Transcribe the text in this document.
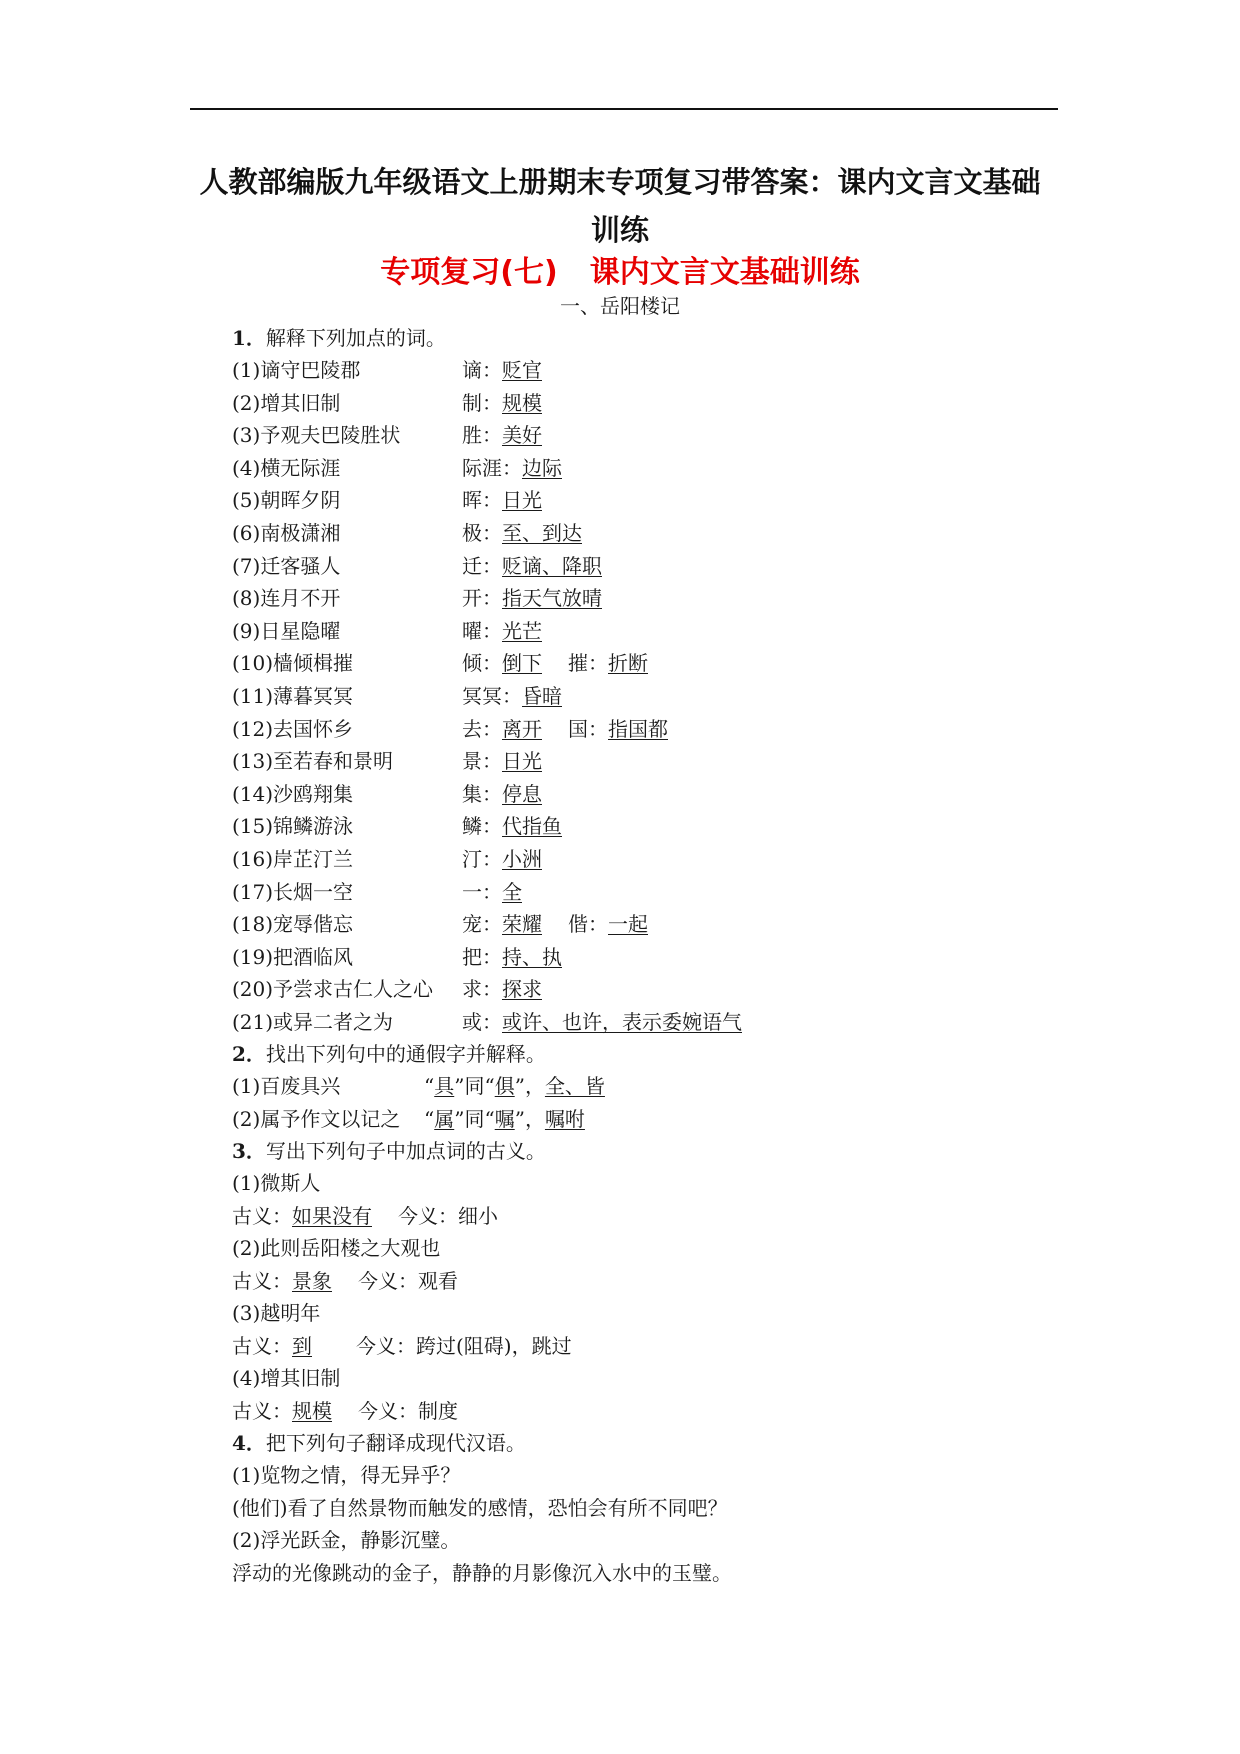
人教部编版九年级语文上册期末专项复习带答案：课内文言文基础
训练
专项复习(七) 课内文言文基础训练
一、岳阳楼记
1．解释下列加点的词。
(1)谪守巴陵郡	谪：贬官
(2)增其旧制	制：规模
(3)予观夫巴陵胜状	胜：美好
(4)横无际涯	际涯：边际
(5)朝晖夕阴	晖：日光
(6)南极潇湘	极：至、到达
(7)迁客骚人	迁：贬谪、降职
(8)连月不开	开：指天气放晴
(9)日星隐曜	曜：光芒
(10)樯倾楫摧	倾：倒下 摧：折断
(11)薄暮冥冥	冥冥：昏暗
(12)去国怀乡	去：离开 国：指国都
(13)至若春和景明	景：日光
(14)沙鸥翔集	集：停息
(15)锦鳞游泳	鳞：代指鱼
(16)岸芷汀兰	汀：小洲
(17)长烟一空	一：全
(18)宠辱偕忘	宠：荣耀 偕：一起
(19)把酒临风	把：持、执
(20)予尝求古仁人之心	求：探求
(21)或异二者之为	或：或许、也许，表示委婉语气
2．找出下列句中的通假字并解释。
(1)百废具兴	“具”同“俱”，全、皆
(2)属予作文以记之	“属”同“嘱”，嘱咐
3．写出下列句子中加点词的古义。
(1)微斯人
古义：如果没有 今义：细小
(2)此则岳阳楼之大观也
古义：景象 今义：观看
(3)越明年
古义：到 今义：跨过(阻碍)，跳过
(4)增其旧制
古义：规模 今义：制度
4．把下列句子翻译成现代汉语。
(1)览物之情，得无异乎？
(他们)看了自然景物而触发的感情，恐怕会有所不同吧？
(2)浮光跃金，静影沉璧。
浮动的光像跳动的金子，静静的月影像沉入水中的玉璧。
